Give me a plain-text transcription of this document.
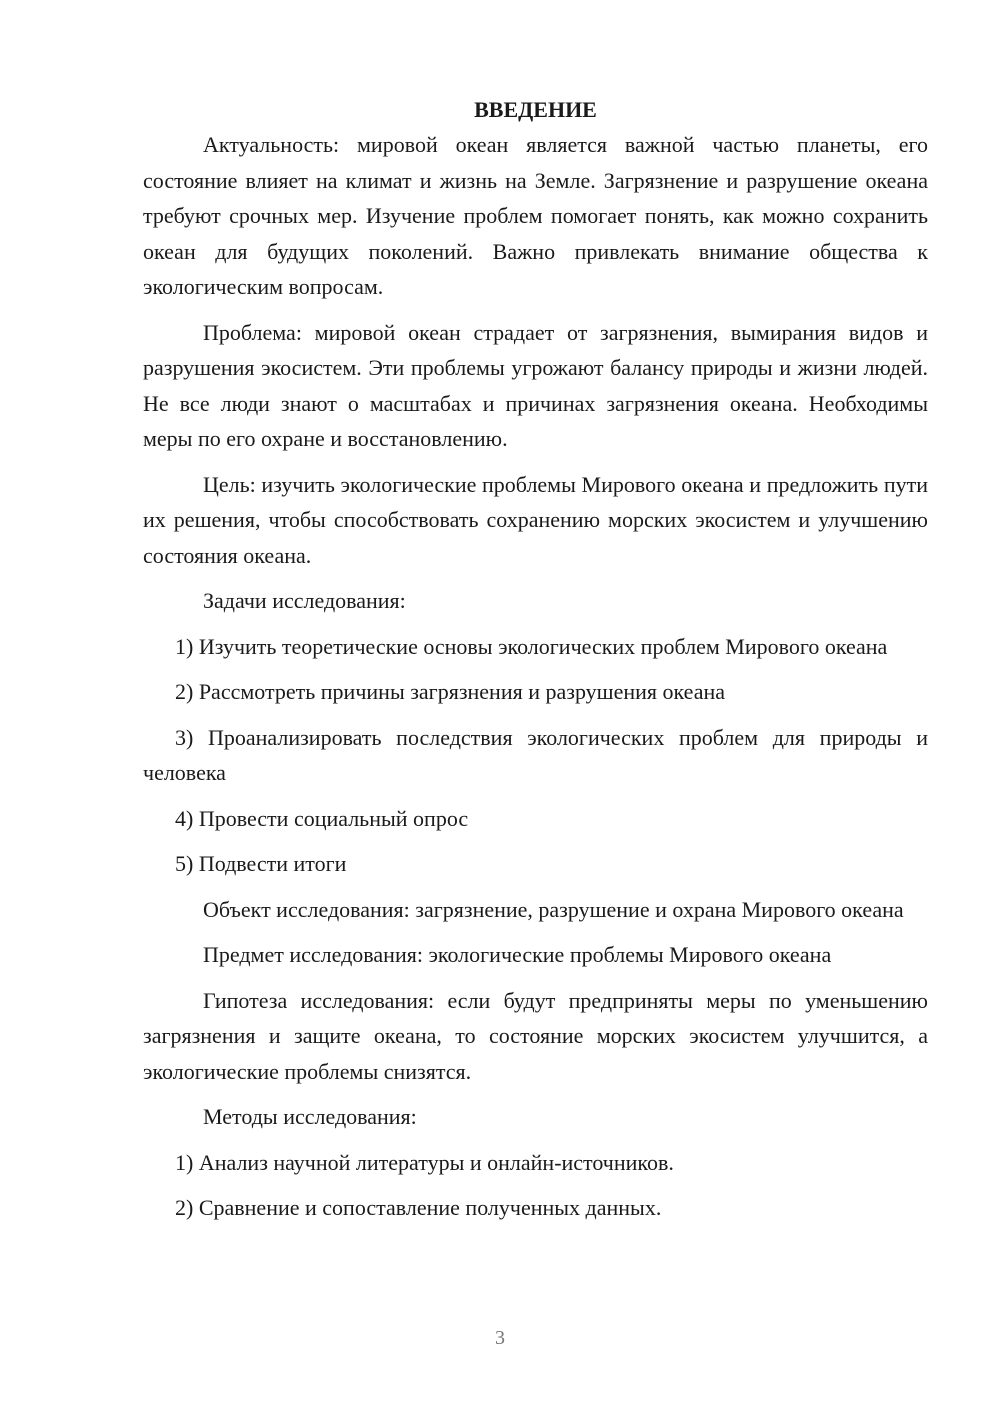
ВВЕДЕНИЕ
Актуальность: мировой океан является важной частью планеты, его состояние влияет на климат и жизнь на Земле. Загрязнение и разрушение океана требуют срочных мер. Изучение проблем помогает понять, как можно сохранить океан для будущих поколений. Важно привлекать внимание общества к экологическим вопросам.
Проблема: мировой океан страдает от загрязнения, вымирания видов и разрушения экосистем. Эти проблемы угрожают балансу природы и жизни людей. Не все люди знают о масштабах и причинах загрязнения океана. Необходимы меры по его охране и восстановлению.
Цель: изучить экологические проблемы Мирового океана и предложить пути их решения, чтобы способствовать сохранению морских экосистем и улучшению состояния океана.
Задачи исследования:
1) Изучить теоретические основы экологических проблем Мирового океана
2) Рассмотреть причины загрязнения и разрушения океана
3) Проанализировать последствия экологических проблем для природы и человека
4) Провести социальный опрос
5) Подвести итоги
Объект исследования: загрязнение, разрушение и охрана Мирового океана
Предмет исследования: экологические проблемы Мирового океана
Гипотеза исследования: если будут предприняты меры по уменьшению загрязнения и защите океана, то состояние морских экосистем улучшится, а экологические проблемы снизятся.
Методы исследования:
1) Анализ научной литературы и онлайн-источников.
2) Сравнение и сопоставление полученных данных.
3
